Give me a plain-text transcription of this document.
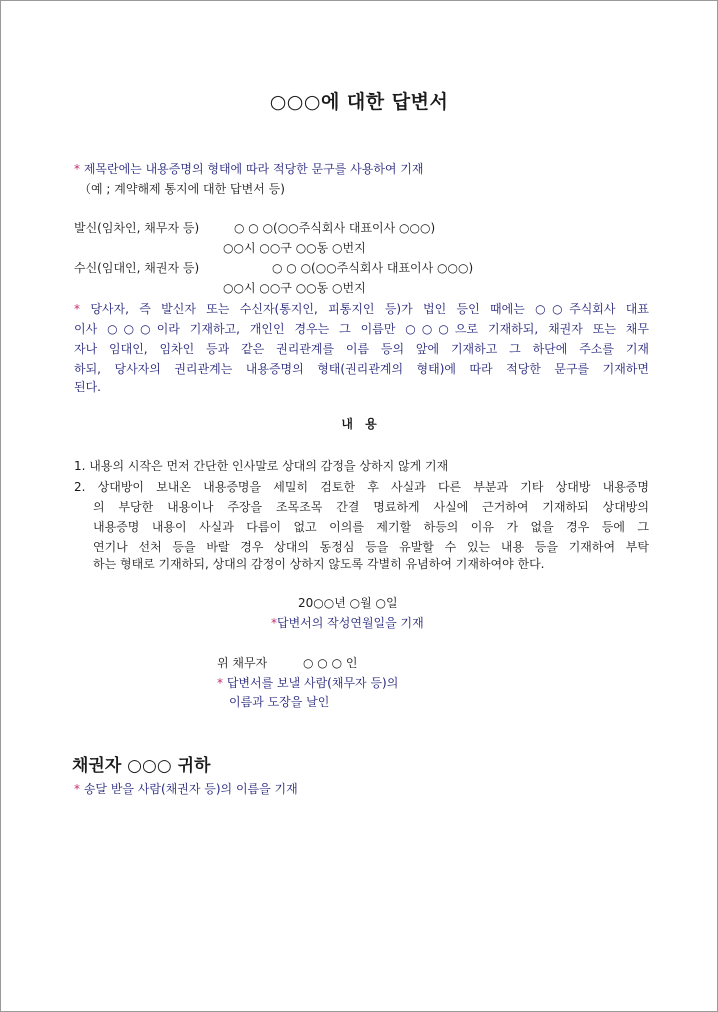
○○○에 대한 답변서
* 제목란에는 내용증명의 형태에 따라 적당한 문구를 사용하여 기재
（예 ; 계약해제 통지에 대한 답변서 등)
발신(임차인, 채무자 등)	○ ○ ○(○○주식회사 대표이사 ○○○)
○○시 ○○구 ○○동 ○번지
수신(임대인, 채권자 등)	○ ○ ○(○○주식회사 대표이사 ○○○)
○○시 ○○구 ○○동 ○번지
* 당사자, 즉 발신자 또는 수신자(통지인, 피통지인 등)가 법인 등인 때에는 ○○주식회사 대표
이사 ○○○이라 기재하고, 개인인 경우는 그 이름만 ○○○으로 기재하되, 채권자 또는 채무
자나 임대인, 임차인 등과 같은 권리관계를 이름 등의 앞에 기재하고 그 하단에 주소를 기재
하되, 당사자의 권리관계는 내용증명의 형태(권리관계의 형태)에 따라 적당한 문구를 기재하면
된다.
내 용
1. 내용의 시작은 먼저 간단한 인사말로 상대의 감정을 상하지 않게 기재
2. 상대방이 보내온 내용증명을 세밀히 검토한 후 사실과 다른 부분과 기타 상대방 내용증명
의 부당한 내용이나 주장을 조목조목 간결 명료하게 사실에 근거하여 기재하되 상대방의
내용증명 내용이 사실과 다름이 없고 이의를 제기할 하등의 이유 가 없을 경우 등에 그
연기나 선처 등을 바랄 경우 상대의 동정심 등을 유발할 수 있는 내용 등을 기재하여 부탁
하는 형태로 기재하되, 상대의 감정이 상하지 않도록 각별히 유념하여 기재하여야 한다.
20○○년 ○월 ○일
*답변서의 작성연월일을 기재
위 채무자	○ ○ ○ 인
* 답변서를 보낼 사람(채무자 등)의
이름과 도장을 날인
채권자 ○○○ 귀하
* 송달 받을 사람(채권자 등)의 이름을 기재
